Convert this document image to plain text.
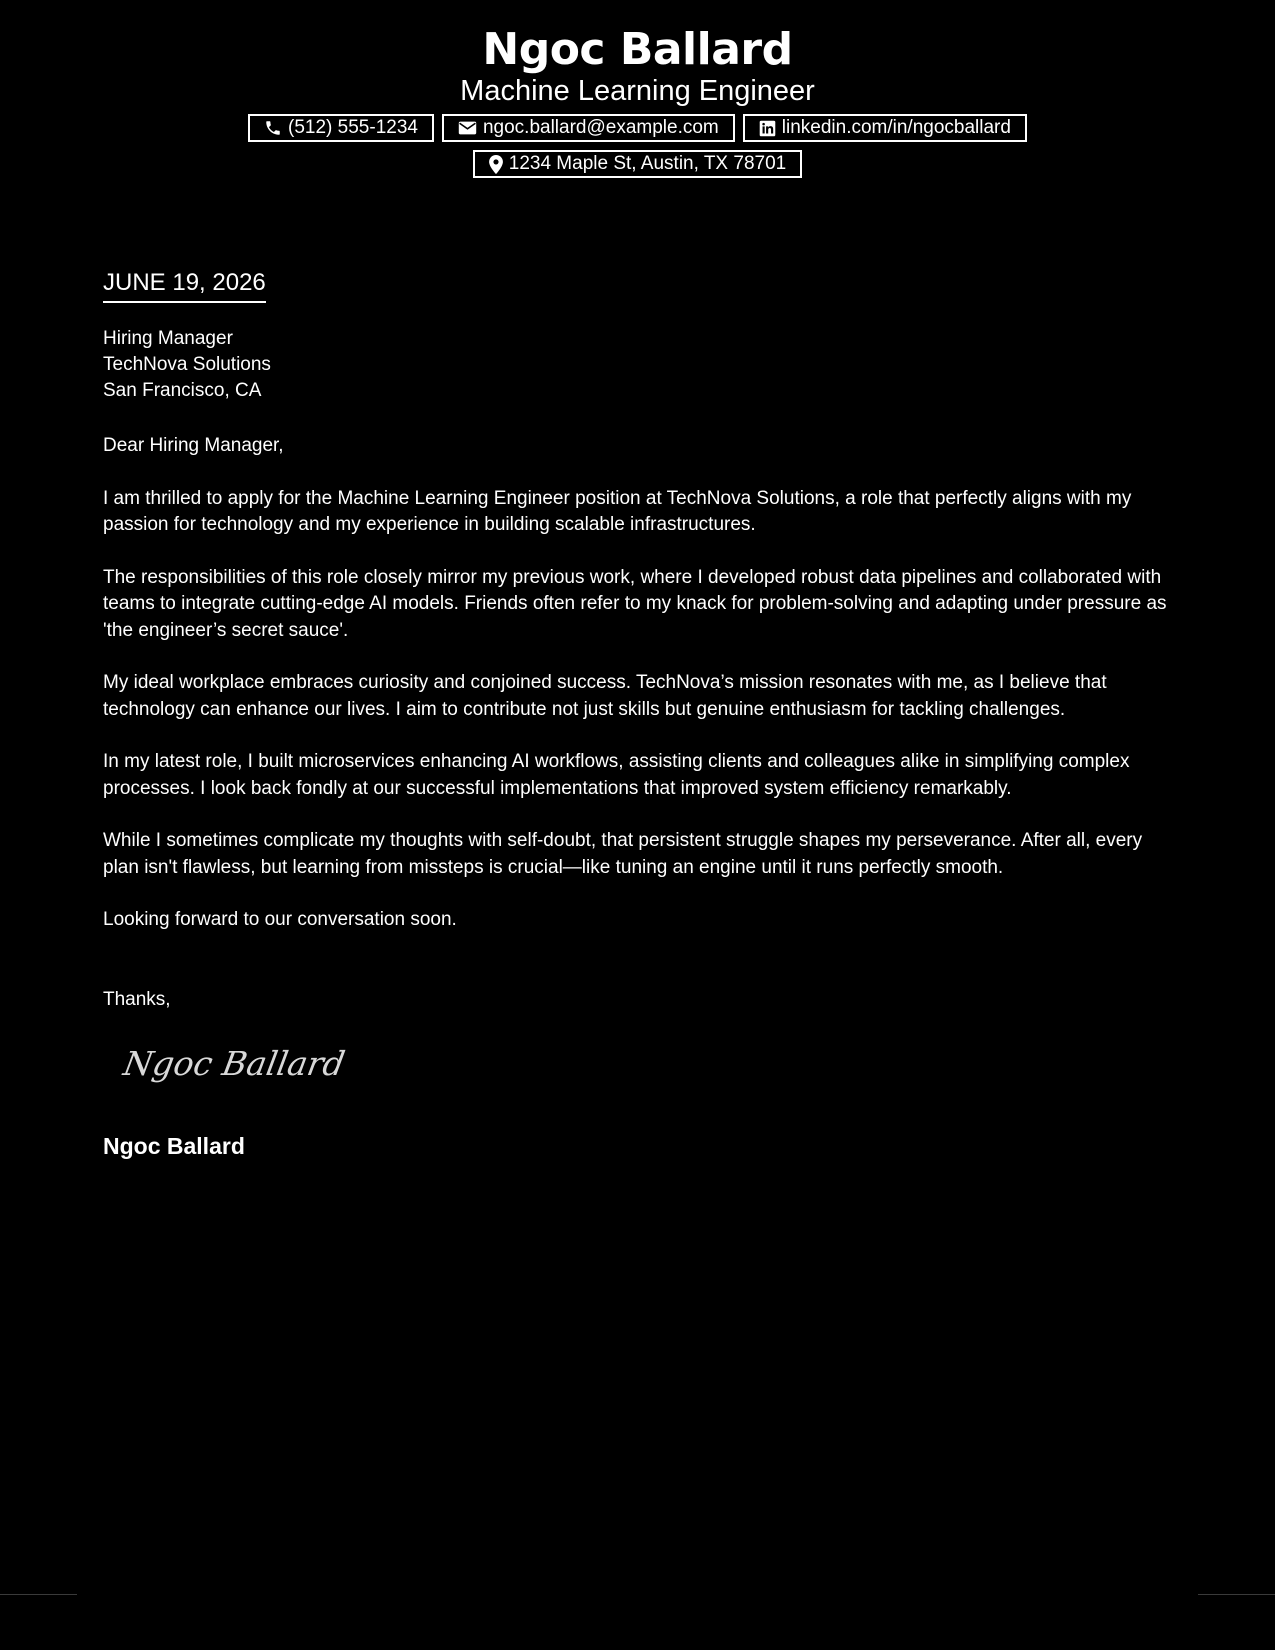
Ngoc Ballard
Machine Learning Engineer
(512) 555-1234	ngoc.ballard@example.com	linkedin.com/in/ngocballard
1234 Maple St, Austin, TX 78701
JUNE 19, 2026
Hiring Manager
TechNova Solutions
San Francisco, CA

Dear Hiring Manager,

I am thrilled to apply for the Machine Learning Engineer position at TechNova Solutions, a role that perfectly aligns with my passion for technology and my experience in building scalable infrastructures.

The responsibilities of this role closely mirror my previous work, where I developed robust data pipelines and collaborated with teams to integrate cutting-edge AI models. Friends often refer to my knack for problem-solving and adapting under pressure as 'the engineer’s secret sauce'.

My ideal workplace embraces curiosity and conjoined success. TechNova’s mission resonates with me, as I believe that technology can enhance our lives. I aim to contribute not just skills but genuine enthusiasm for tackling challenges.

In my latest role, I built microservices enhancing AI workflows, assisting clients and colleagues alike in simplifying complex processes. I look back fondly at our successful implementations that improved system efficiency remarkably.

While I sometimes complicate my thoughts with self-doubt, that persistent struggle shapes my perseverance. After all, every plan isn't flawless, but learning from missteps is crucial—like tuning an engine until it runs perfectly smooth.

Looking forward to our conversation soon.

Thanks,
Ngoc Ballard
Ngoc Ballard
